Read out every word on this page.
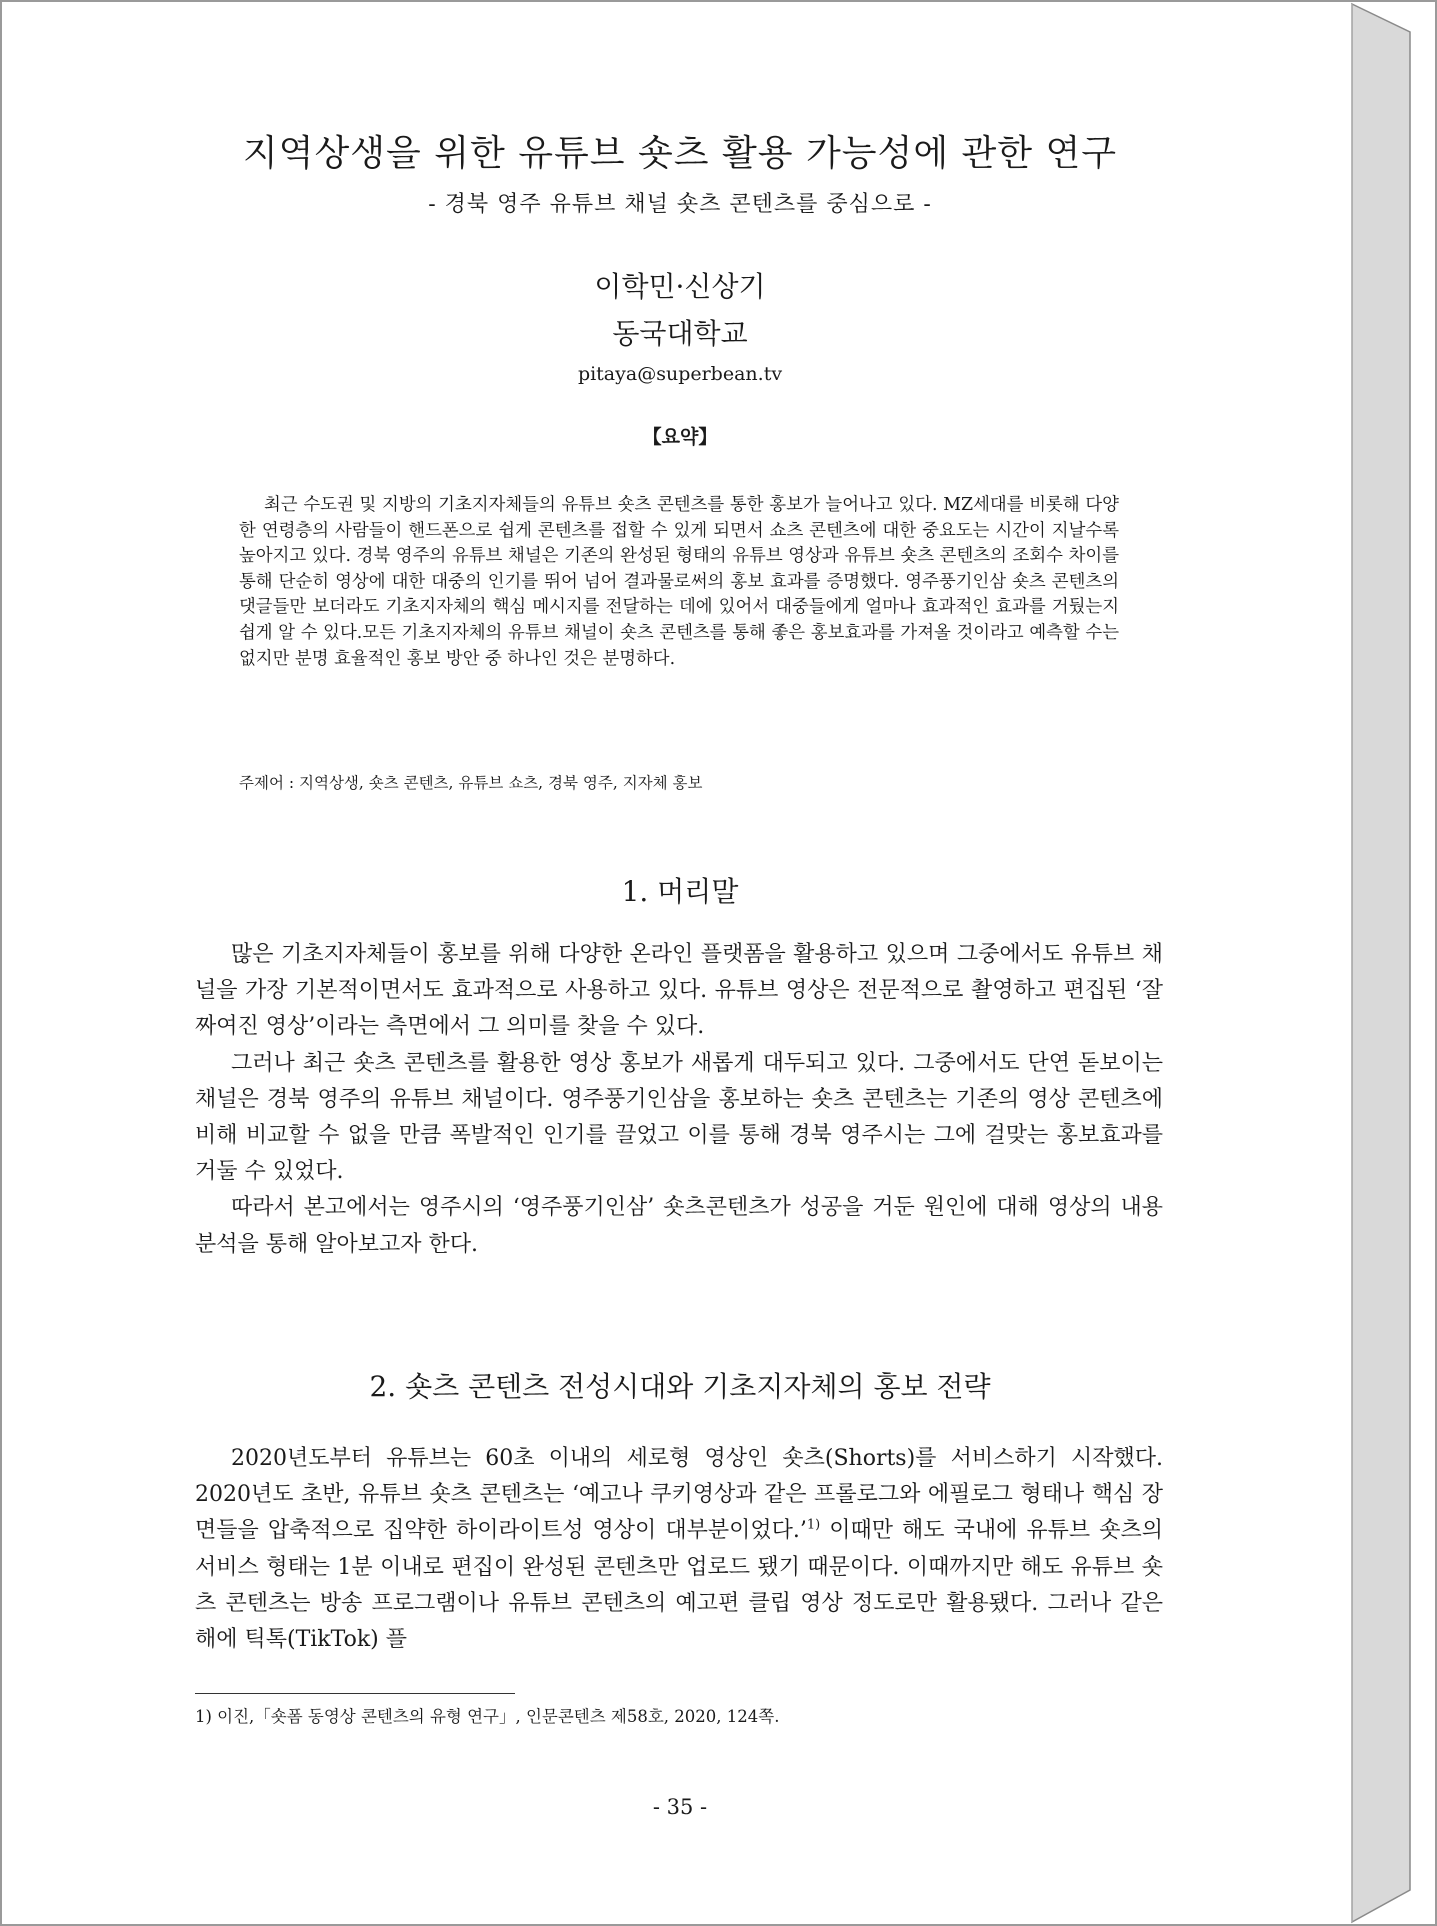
지역상생을 위한 유튜브 숏츠 활용 가능성에 관한 연구
- 경북 영주 유튜브 채널 숏츠 콘텐츠를 중심으로 -
이학민·신상기
동국대학교
pitaya@superbean.tv
【요약】

최근 수도권 및 지방의 기초지자체들의 유튜브 숏츠 콘텐츠를 통한 홍보가 늘어나고 있다. MZ세대를 비롯해 다양한 연령층의 사람들이 핸드폰으로 쉽게 콘텐츠를 접할 수 있게 되면서 쇼츠 콘텐츠에 대한 중요도는 시간이 지날수록 높아지고 있다. 경북 영주의 유튜브 채널은 기존의 완성된 형태의 유튜브 영상과 유튜브 숏츠 콘텐츠의 조회수 차이를 통해 단순히 영상에 대한 대중의 인기를 뛰어 넘어 결과물로써의 홍보 효과를 증명했다. 영주풍기인삼 숏츠 콘텐츠의 댓글들만 보더라도 기초지자체의 핵심 메시지를 전달하는 데에 있어서 대중들에게 얼마나 효과적인 효과를 거뒀는지 쉽게 알 수 있다.모든 기초지자체의 유튜브 채널이 숏츠 콘텐츠를 통해 좋은 홍보효과를 가져올 것이라고 예측할 수는 없지만 분명 효율적인 홍보 방안 중 하나인 것은 분명하다.

주제어 : 지역상생, 숏츠 콘텐츠, 유튜브 쇼츠, 경북 영주, 지자체 홍보
1. 머리말

많은 기초지자체들이 홍보를 위해 다양한 온라인 플랫폼을 활용하고 있으며 그중에서도 유튜브 채널을 가장 기본적이면서도 효과적으로 사용하고 있다. 유튜브 영상은 전문적으로 촬영하고 편집된 ‘잘 짜여진 영상’이라는 측면에서 그 의미를 찾을 수 있다.

그러나 최근 숏츠 콘텐츠를 활용한 영상 홍보가 새롭게 대두되고 있다. 그중에서도 단연 돋보이는 채널은 경북 영주의 유튜브 채널이다. 영주풍기인삼을 홍보하는 숏츠 콘텐츠는 기존의 영상 콘텐츠에 비해 비교할 수 없을 만큼 폭발적인 인기를 끌었고 이를 통해 경북 영주시는 그에 걸맞는 홍보효과를 거둘 수 있었다.

따라서 본고에서는 영주시의 ‘영주풍기인삼’ 숏츠콘텐츠가 성공을 거둔 원인에 대해 영상의 내용 분석을 통해 알아보고자 한다.

2. 숏츠 콘텐츠 전성시대와 기초지자체의 홍보 전략

2020년도부터 유튜브는 60초 이내의 세로형 영상인 숏츠(Shorts)를 서비스하기 시작했다. 2020년도 초반, 유튜브 숏츠 콘텐츠는 ‘예고나 쿠키영상과 같은 프롤로그와 에필로그 형태나 핵심 장면들을 압축적으로 집약한 하이라이트성 영상이 대부분이었다.’$^{1)}$ 이때만 해도 국내에 유튜브 숏츠의 서비스 형태는 1분 이내로 편집이 완성된 콘텐츠만 업로드 됐기 때문이다. 이때까지만 해도 유튜브 숏츠 콘텐츠는 방송 프로그램이나 유튜브 콘텐츠의 예고편 클립 영상 정도로만 활용됐다. 그러나 같은 해에 틱톡(TikTok) 플

1) 이진,「숏폼 동영상 콘텐츠의 유형 연구」, 인문콘텐츠 제58호, 2020, 124쪽.
- 35 -
